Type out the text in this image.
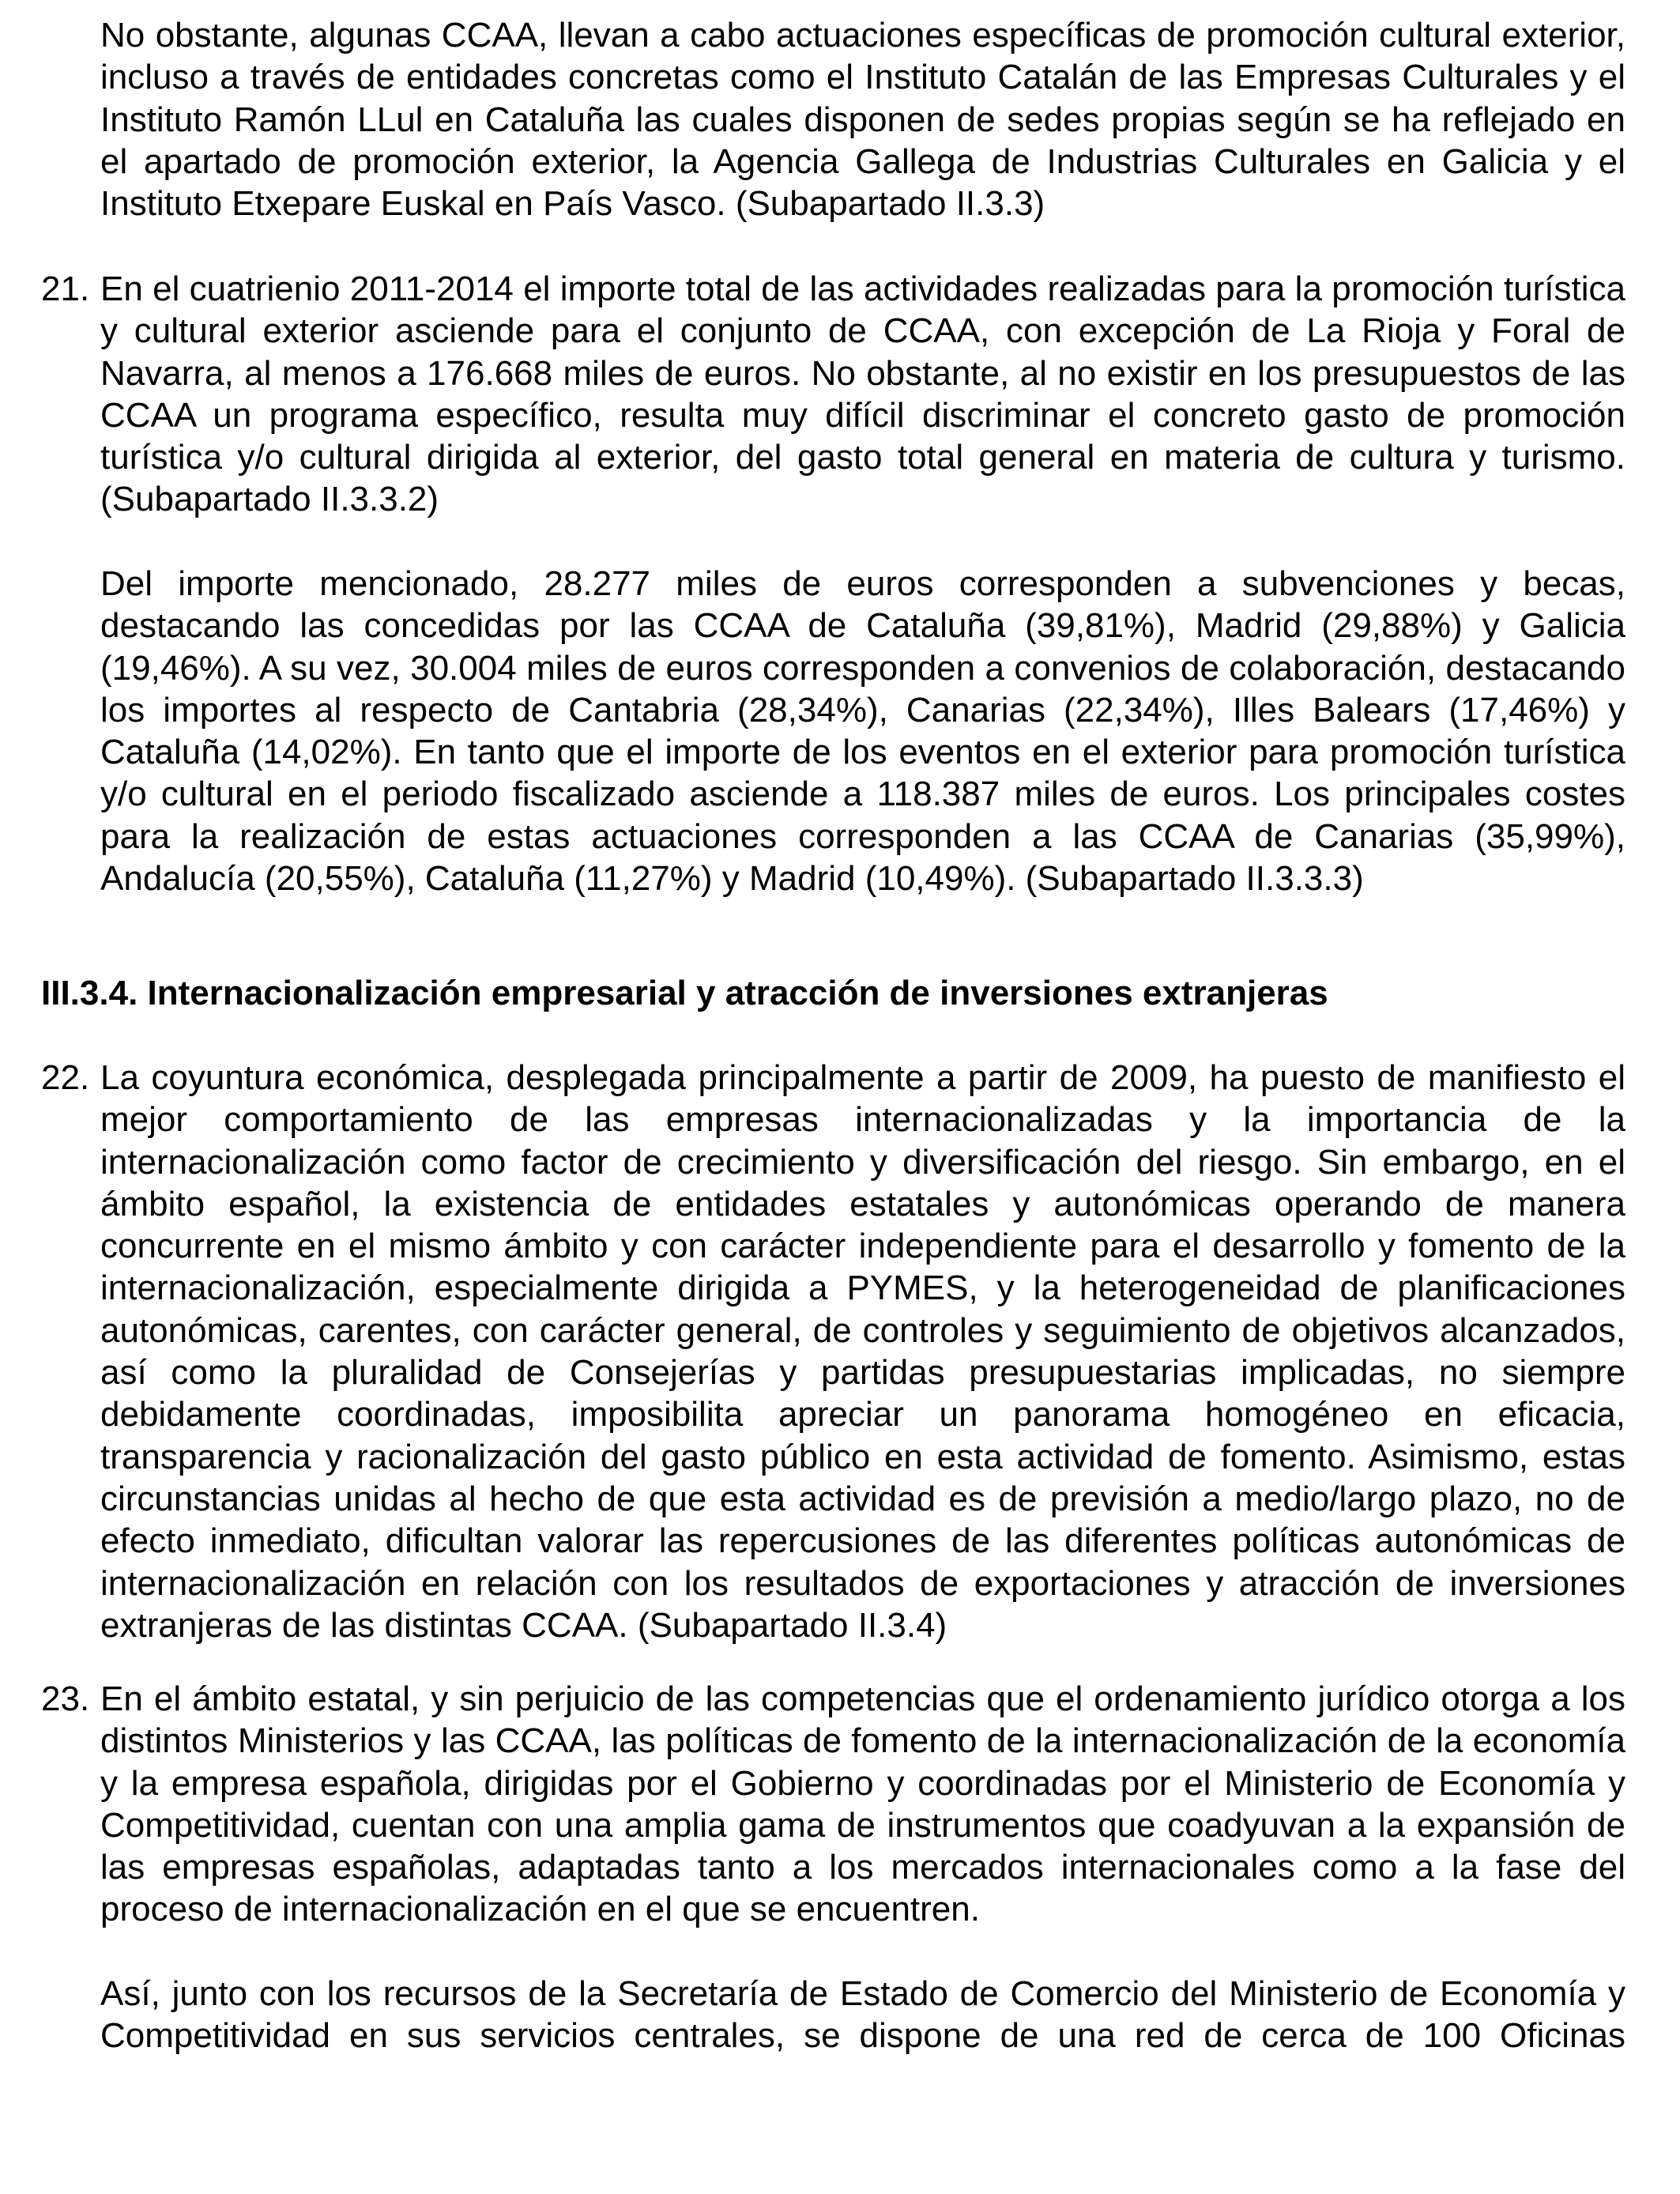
No obstante, algunas CCAA, llevan a cabo actuaciones específicas de promoción cultural exterior, incluso a través de entidades concretas como el Instituto Catalán de las Empresas Culturales y el Instituto Ramón LLul en Cataluña las cuales disponen de sedes propias según se ha reflejado en el apartado de promoción exterior, la Agencia Gallega de Industrias Culturales en Galicia y el Instituto Etxepare Euskal en País Vasco. (Subapartado II.3.3)

21. En el cuatrienio 2011-2014 el importe total de las actividades realizadas para la promoción turística y cultural exterior asciende para el conjunto de CCAA, con excepción de La Rioja y Foral de Navarra, al menos a 176.668 miles de euros. No obstante, al no existir en los presupuestos de las CCAA un programa específico, resulta muy difícil discriminar el concreto gasto de promoción turística y/o cultural dirigida al exterior, del gasto total general en materia de cultura y turismo. (Subapartado II.3.3.2)

Del importe mencionado, 28.277 miles de euros corresponden a subvenciones y becas, destacando las concedidas por las CCAA de Cataluña (39,81%), Madrid (29,88%) y Galicia (19,46%). A su vez, 30.004 miles de euros corresponden a convenios de colaboración, destacando los importes al respecto de Cantabria (28,34%), Canarias (22,34%), Illes Balears (17,46%) y Cataluña (14,02%). En tanto que el importe de los eventos en el exterior para promoción turística y/o cultural en el periodo fiscalizado asciende a 118.387 miles de euros. Los principales costes para la realización de estas actuaciones corresponden a las CCAA de Canarias (35,99%), Andalucía (20,55%), Cataluña (11,27%) y Madrid (10,49%). (Subapartado II.3.3.3)

III.3.4. Internacionalización empresarial y atracción de inversiones extranjeras

22. La coyuntura económica, desplegada principalmente a partir de 2009, ha puesto de manifiesto el mejor comportamiento de las empresas internacionalizadas y la importancia de la internacionalización como factor de crecimiento y diversificación del riesgo. Sin embargo, en el ámbito español, la existencia de entidades estatales y autonómicas operando de manera concurrente en el mismo ámbito y con carácter independiente para el desarrollo y fomento de la internacionalización, especialmente dirigida a PYMES, y la heterogeneidad de planificaciones autonómicas, carentes, con carácter general, de controles y seguimiento de objetivos alcanzados, así como la pluralidad de Consejerías y partidas presupuestarias implicadas, no siempre debidamente coordinadas, imposibilita apreciar un panorama homogéneo en eficacia, transparencia y racionalización del gasto público en esta actividad de fomento. Asimismo, estas circunstancias unidas al hecho de que esta actividad es de previsión a medio/largo plazo, no de efecto inmediato, dificultan valorar las repercusiones de las diferentes políticas autonómicas de internacionalización en relación con los resultados de exportaciones y atracción de inversiones extranjeras de las distintas CCAA. (Subapartado II.3.4)

23. En el ámbito estatal, y sin perjuicio de las competencias que el ordenamiento jurídico otorga a los distintos Ministerios y las CCAA, las políticas de fomento de la internacionalización de la economía y la empresa española, dirigidas por el Gobierno y coordinadas por el Ministerio de Economía y Competitividad, cuentan con una amplia gama de instrumentos que coadyuvan a la expansión de las empresas españolas, adaptadas tanto a los mercados internacionales como a la fase del proceso de internacionalización en el que se encuentren.

Así, junto con los recursos de la Secretaría de Estado de Comercio del Ministerio de Economía y Competitividad en sus servicios centrales, se dispone de una red de cerca de 100 Oficinas
